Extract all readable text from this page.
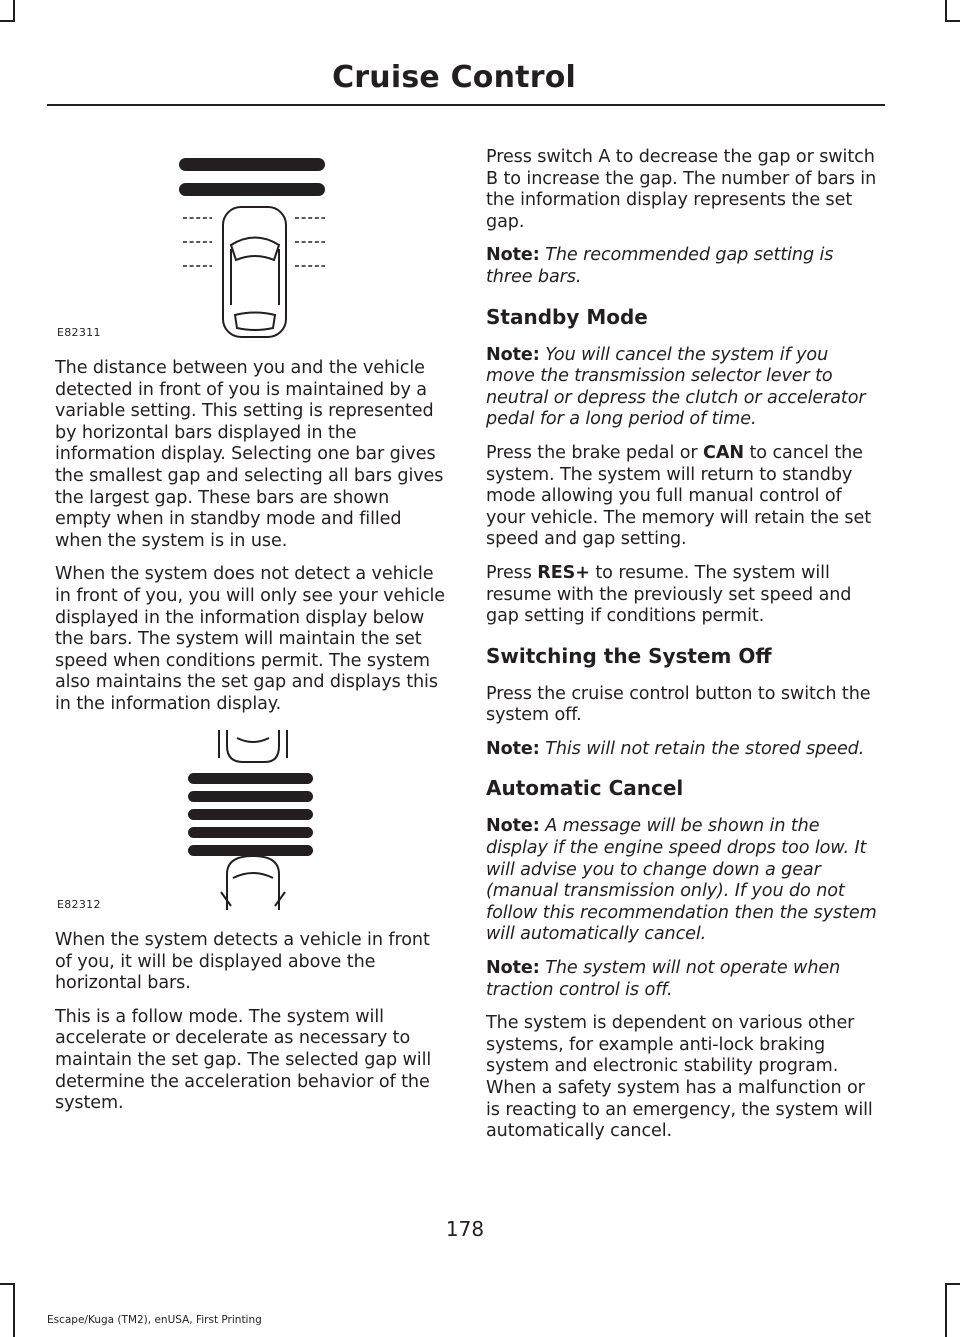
Cruise Control
E82311
E82312

The distance between you and the vehicle detected in front of you is maintained by a variable setting. This setting is represented by horizontal bars displayed in the information display. Selecting one bar gives the smallest gap and selecting all bars gives the largest gap. These bars are shown empty when in standby mode and filled when the system is in use.

When the system does not detect a vehicle in front of you, you will only see your vehicle displayed in the information display below the bars. The system will maintain the set speed when conditions permit. The system also maintains the set gap and displays this in the information display.

When the system detects a vehicle in front of you, it will be displayed above the horizontal bars.

This is a follow mode. The system will accelerate or decelerate as necessary to maintain the set gap. The selected gap will determine the acceleration behavior of the system.

Press switch A to decrease the gap or switch B to increase the gap. The number of bars in the information display represents the set gap.

Note: The recommended gap setting is three bars.

Standby Mode

Note: You will cancel the system if you move the transmission selector lever to neutral or depress the clutch or accelerator pedal for a long period of time.

Press the brake pedal or CAN to cancel the system. The system will return to standby mode allowing you full manual control of your vehicle. The memory will retain the set speed and gap setting.

Press RES+ to resume. The system will resume with the previously set speed and gap setting if conditions permit.

Switching the System Off

Press the cruise control button to switch the system off.

Note: This will not retain the stored speed.

Automatic Cancel

Note: A message will be shown in the display if the engine speed drops too low. It will advise you to change down a gear (manual transmission only). If you do not follow this recommendation then the system will automatically cancel.

Note: The system will not operate when traction control is off.

The system is dependent on various other systems, for example anti-lock braking system and electronic stability program. When a safety system has a malfunction or is reacting to an emergency, the system will automatically cancel.

178
Escape/Kuga (TM2), enUSA, First Printing
